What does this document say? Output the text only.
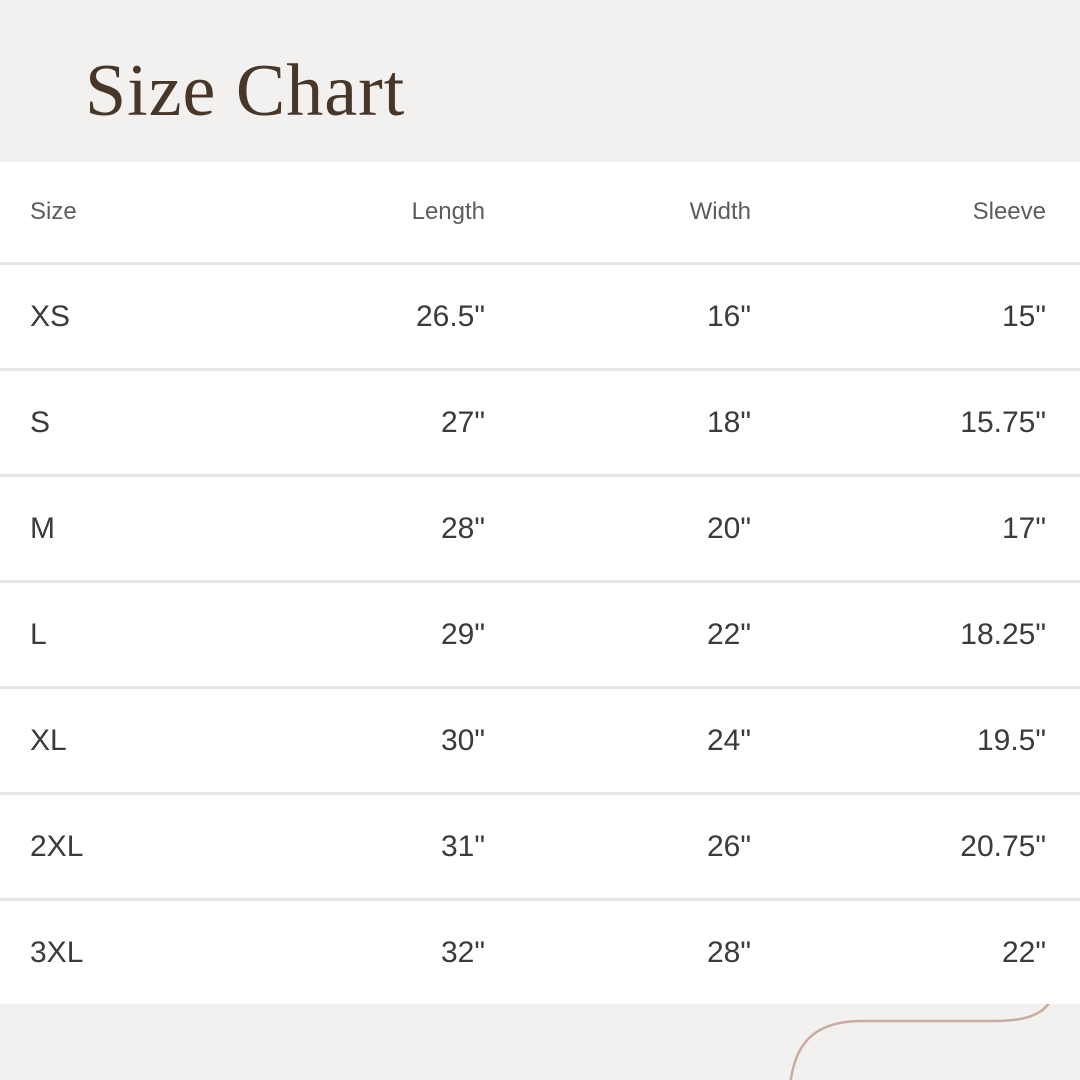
Size Chart
Size	Length	Width	Sleeve
XS	26.5"	16"	15"
S	27"	18"	15.75"
M	28"	20"	17"
L	29"	22"	18.25"
XL	30"	24"	19.5"
2XL	31"	26"	20.75"
3XL	32"	28"	22"
